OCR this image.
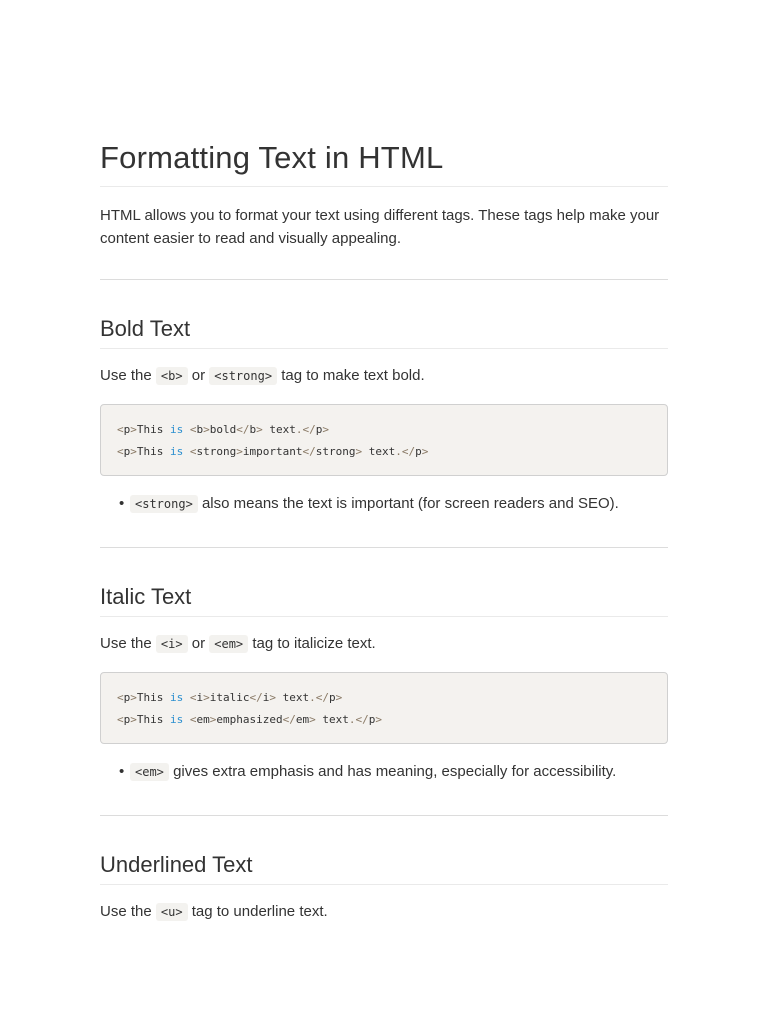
Formatting Text in HTML

HTML allows you to format your text using different tags. These tags help make your content easier to read and visually appealing.

Bold Text

Use the <b> or <strong> tag to make text bold.

<p>This is <b>bold</b> text.</p>
<p>This is <strong>important</strong> text.</p>
• <strong> also means the text is important (for screen readers and SEO).
Italic Text

Use the <i> or <em> tag to italicize text.

<p>This is <i>italic</i> text.</p>
<p>This is <em>emphasized</em> text.</p>
• <em> gives extra emphasis and has meaning, especially for accessibility.
Underlined Text

Use the <u> tag to underline text.
